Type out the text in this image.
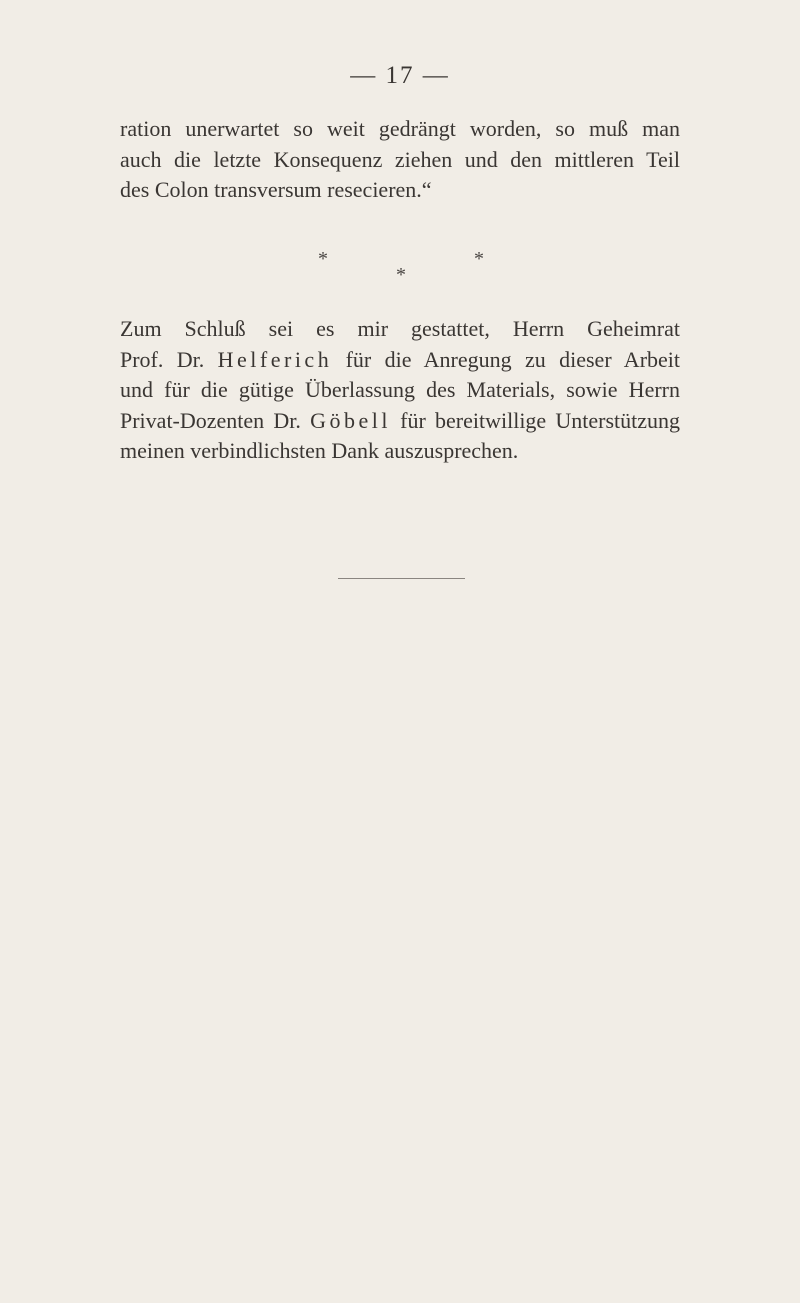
— 17 —
ration unerwartet so weit gedrängt worden, so muß man
auch die letzte Konsequenz ziehen und den mittleren Teil
des Colon transversum resecieren.“
*	*
*
Zum Schluß sei es mir gestattet, Herrn Geheimrat
Prof. Dr. Helferich für die Anregung zu dieser Arbeit
und für die gütige Überlassung des Materials, sowie Herrn
Privat-Dozenten Dr. Göbell für bereitwillige Unterstützung
meinen verbindlichsten Dank auszusprechen.
